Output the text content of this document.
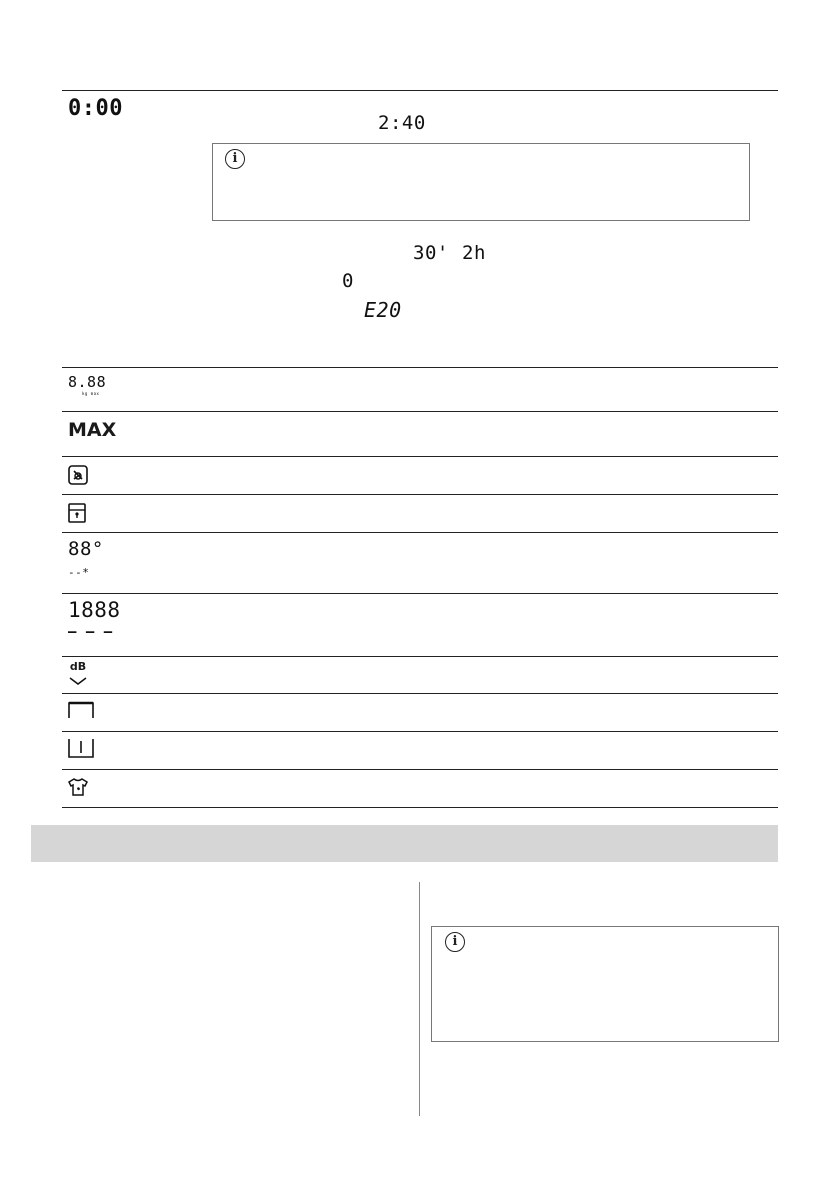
0:00
2:40
i
30' 2h
0
E20
8.88
kg max
MAX
88°
--*
1888
– – –
dB
i
